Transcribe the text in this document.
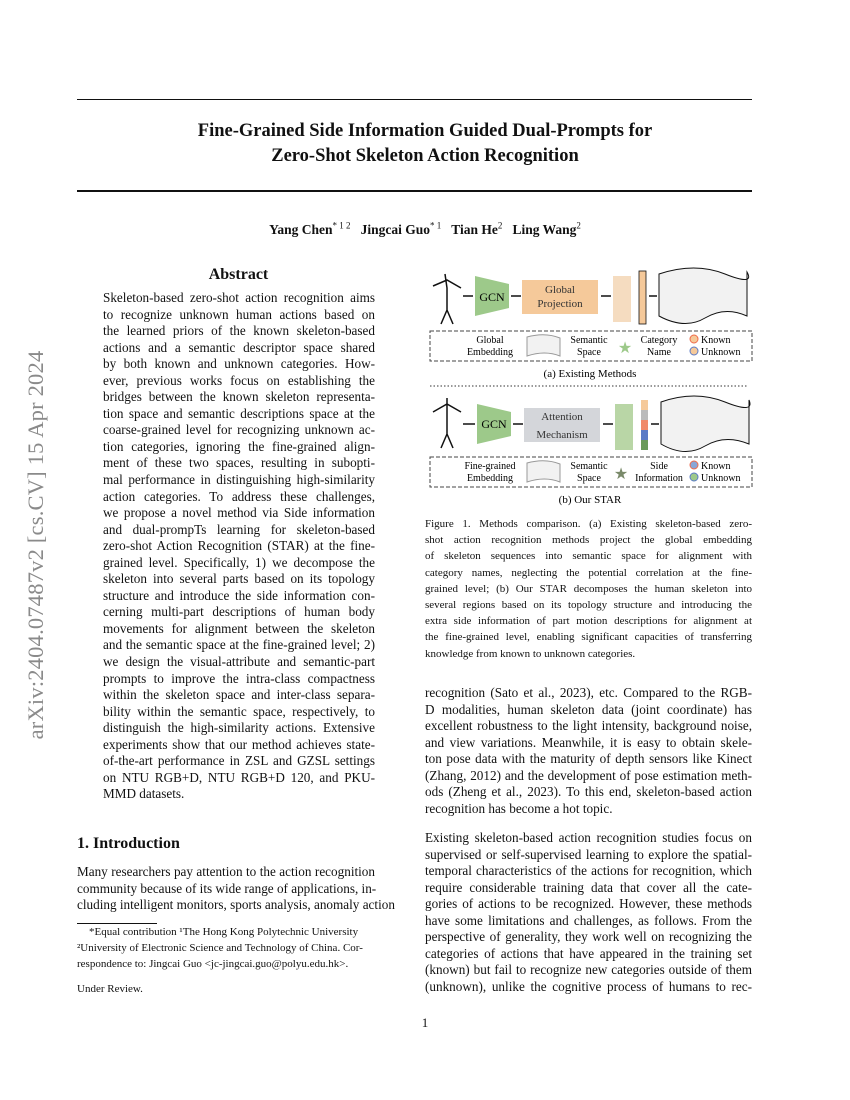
arXiv:2404.07487v2 [cs.CV] 15 Apr 2024
Fine-Grained Side Information Guided Dual-Prompts for
Zero-Shot Skeleton Action Recognition
Yang Chen$^{* 1 2}$ Jingcai Guo$^{* 1}$ Tian He$^2$ Ling Wang$^2$
Abstract
Skeleton-based zero-shot action recognition aims
to recognize unknown human actions based on
the learned priors of the known skeleton-based
actions and a semantic descriptor space shared
by both known and unknown categories. How-
ever, previous works focus on establishing the
bridges between the known skeleton representa-
tion space and semantic descriptions space at the
coarse-grained level for recognizing unknown ac-
tion categories, ignoring the fine-grained align-
ment of these two spaces, resulting in subopti-
mal performance in distinguishing high-similarity
action categories. To address these challenges,
we propose a novel method via Side information
and dual-prompTs learning for skeleton-based
zero-shot Action Recognition (STAR) at the fine-
grained level. Specifically, 1) we decompose the
skeleton into several parts based on its topology
structure and introduce the side information con-
cerning multi-part descriptions of human body
movements for alignment between the skeleton
and the semantic space at the fine-grained level; 2)
we design the visual-attribute and semantic-part
prompts to improve the intra-class compactness
within the skeleton space and inter-class separa-
bility within the semantic space, respectively, to
distinguish the high-similarity actions. Extensive
experiments show that our method achieves state-
of-the-art performance in ZSL and GZSL settings
on NTU RGB+D, NTU RGB+D 120, and PKU-
MMD datasets.
1. Introduction
Many researchers pay attention to the action recognition
community because of its wide range of applications, in-
cluding intelligent monitors, sports analysis, anomaly action
*Equal contribution ¹The Hong Kong Polytechnic University
²University of Electronic Science and Technology of China. Cor-
respondence to: Jingcai Guo <jc-jingcai.guo@polyu.edu.hk>.
Under Review.
GCN	Global
Projection
Global
Embedding
Semantic
Space ★ Category
Name
Known
Unknown
(a) Existing Methods
GCN	Attention
Mechanism
Fine-grained
Embedding
Semantic
Space ★ Side
Information
Known
Unknown
(b) Our STAR
Figure 1. Methods comparison. (a) Existing skeleton-based zero-
shot action recognition methods project the global embedding
of skeleton sequences into semantic space for alignment with
category names, neglecting the potential correlation at the fine-
grained level; (b) Our STAR decomposes the human skeleton into
several regions based on its topology structure and introducing the
extra side information of part motion descriptions for alignment at
the fine-grained level, enabling significant capacities of transferring
knowledge from known to unknown categories.
recognition (Sato et al., 2023), etc. Compared to the RGB-
D modalities, human skeleton data (joint coordinate) has
excellent robustness to the light intensity, background noise,
and view variations. Meanwhile, it is easy to obtain skele-
ton pose data with the maturity of depth sensors like Kinect
(Zhang, 2012) and the development of pose estimation meth-
ods (Zheng et al., 2023). To this end, skeleton-based action
recognition has become a hot topic.
Existing skeleton-based action recognition studies focus on
supervised or self-supervised learning to explore the spatial-
temporal characteristics of the actions for recognition, which
require considerable training data that cover all the cate-
gories of actions to be recognized. However, these methods
have some limitations and challenges, as follows. From the
perspective of generality, they work well on recognizing the
categories of actions that have appeared in the training set
(known) but fail to recognize new categories outside of them
(unknown), unlike the cognitive process of humans to rec-
1
